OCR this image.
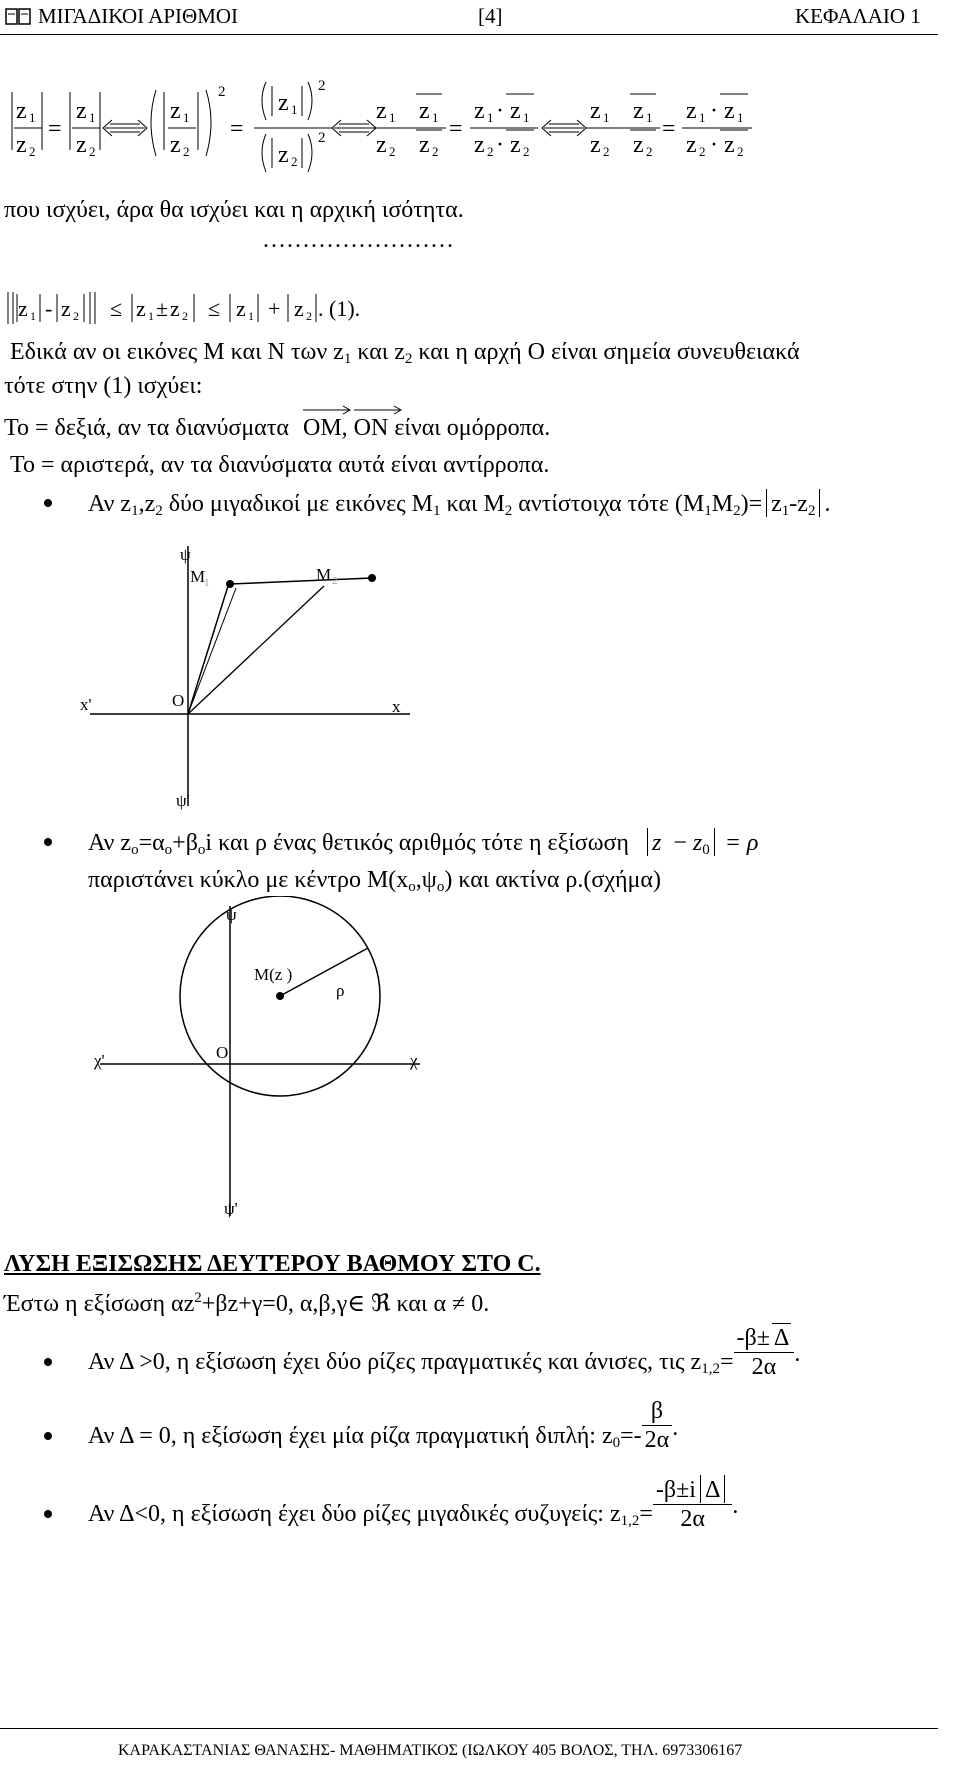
ΜΙΓΑΔΙΚΟΙ ΑΡΙΘΜΟΙ	[4]	ΚΕΦΑΛΑΙΟ 1
z 1
z 2
=
z 1
z 2
z 1
z 2
2
=
z 1
2
z 2
2
z 1 z 1
z 2 z 2
=
z 1 · z 1
z 2 · z 2
z 1 z 1
z 2 z 2
=
z 1 · z 1
z 2 · z 2
που ισχύει, άρα θα ισχύει και η αρχική ισότητα.
……………………
z 1 - z 2 ≤ z 1 ± z 2 ≤ z 1 + z 2 . (1).
Εδικά αν οι εικόνες Μ και Ν των $z_1$ και $z_2$ και η αρχή Ο είναι σημεία συνευθειακά
τότε στην (1) ισχύει:
Το = δεξιά, αν τα διανύσματα ΟΜ, ΟΝ είναι ομόρροπα.
Το = αριστερά, αν τα διανύσματα αυτά είναι αντίρροπα.
Αν $z_1,z_2$ δύο μιγαδικοί με εικόνες $M_1$ και $M_2$ αντίστοιχα τότε $(M_1M_2)= z_1-z_2$ .
ψ
ψ'
x
x'	O
M
1	M 2
Αν $z_o=\alpha_o+\beta_oi$ και ρ ένας θετικός αριθμός τότε η εξίσωση $z - z_0 = \rho$
παριστάνει κύκλο με κέντρο $M(x_o,\psi_o)$ και ακτίνα ρ.(σχήμα)
ψ
ψ'
χ
χ'	O
M(z )
ρ
ΛΥΣΗ ΕΞΙΣΩΣΗΣ ΔΕΥΤΈΡΟΥ ΒΑΘΜΟΥ ΣΤΟ C.
Έστω η εξίσωση $\alpha z^2+\beta z+\gamma=0$, α,β,γ∈ ℜ και α ≠ 0.
Αν Δ >0, η εξίσωση έχει δύο ρίζες πραγματικές και άνισες, τις $z_{1,2}= \frac{-\beta\pm \Delta}{2\alpha}$ .
Αν Δ = 0, η εξίσωση έχει μία ρίζα πραγματική διπλή: $z_0=- \frac{\beta}{2\alpha}$ .
Αν Δ<0, η εξίσωση έχει δύο ρίζες μιγαδικές συζυγείς: $z_{1,2}= \frac{\text{-β±i Δ}}{2\alpha}$ .
ΚΑΡΑΚΑΣΤΑΝΙΑΣ ΘΑΝΑΣΗΣ- ΜΑΘΗΜΑΤΙΚΟΣ (ΙΩΛΚΟΥ 405 ΒΟΛΟΣ, ΤΗΛ. 6973306167
